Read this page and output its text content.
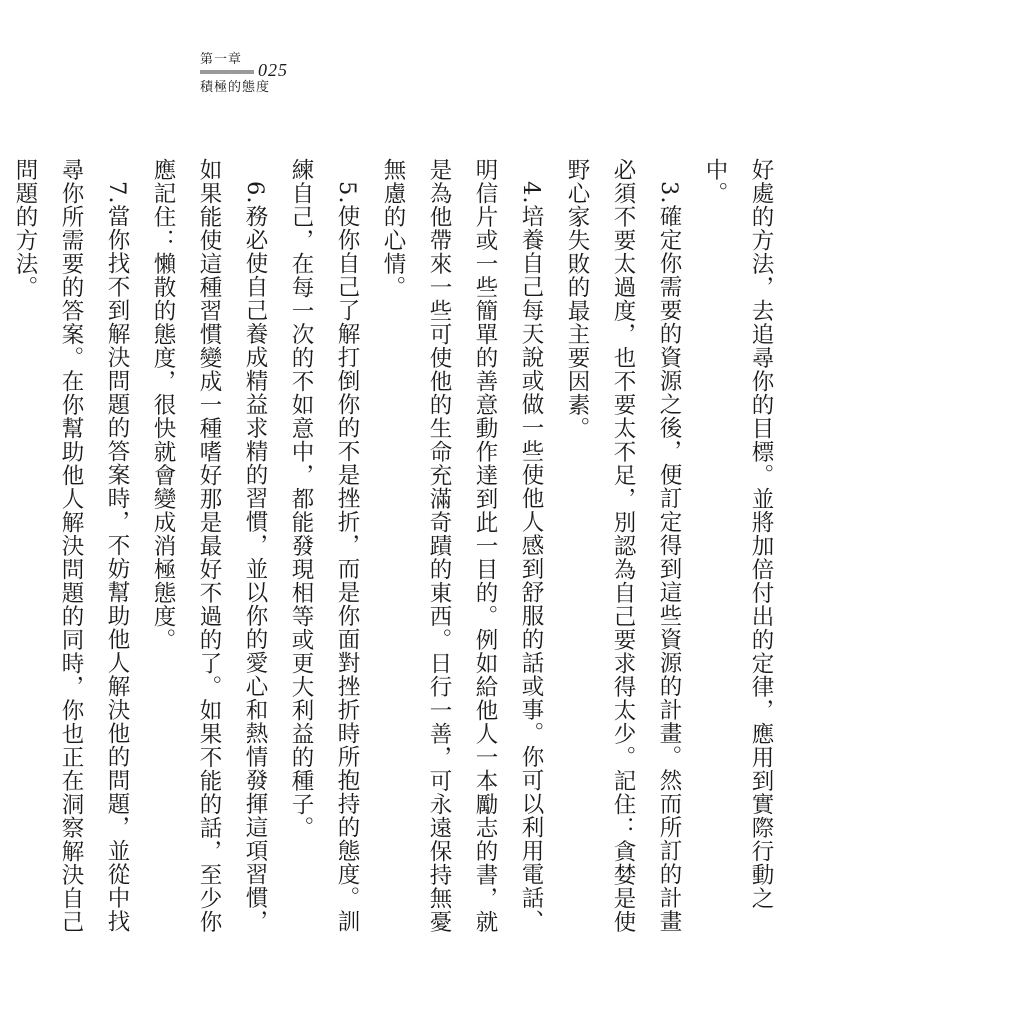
第一章
025
積極的態度

好處的方法，去追尋你的目標。並將加倍付出的定律，應用到實際行動之中。

3.確定你需要的資源之後，便訂定得到這些資源的計畫。然而所訂的計畫必須不要太過度，也不要太不足，別認為自己要求得太少。記住：貪婪是使野心家失敗的最主要因素。

4.培養自己每天說或做一些使他人感到舒服的話或事。你可以利用電話、明信片或一些簡單的善意動作達到此一目的。例如給他人一本勵志的書，就是為他帶來一些可使他的生命充滿奇蹟的東西。日行一善，可永遠保持無憂無慮的心情。

5.使你自己了解打倒你的不是挫折，而是你面對挫折時所抱持的態度。訓練自己，在每一次的不如意中，都能發現相等或更大利益的種子。

6.務必使自己養成精益求精的習慣，並以你的愛心和熱情發揮這項習慣，如果能使這種習慣變成一種嗜好那是最好不過的了。如果不能的話，至少你應記住：懶散的態度，很快就會變成消極態度。

7.當你找不到解決問題的答案時，不妨幫助他人解決他的問題，並從中找尋你所需要的答案。在你幫助他人解決問題的同時，你也正在洞察解決自己問題的方法。
